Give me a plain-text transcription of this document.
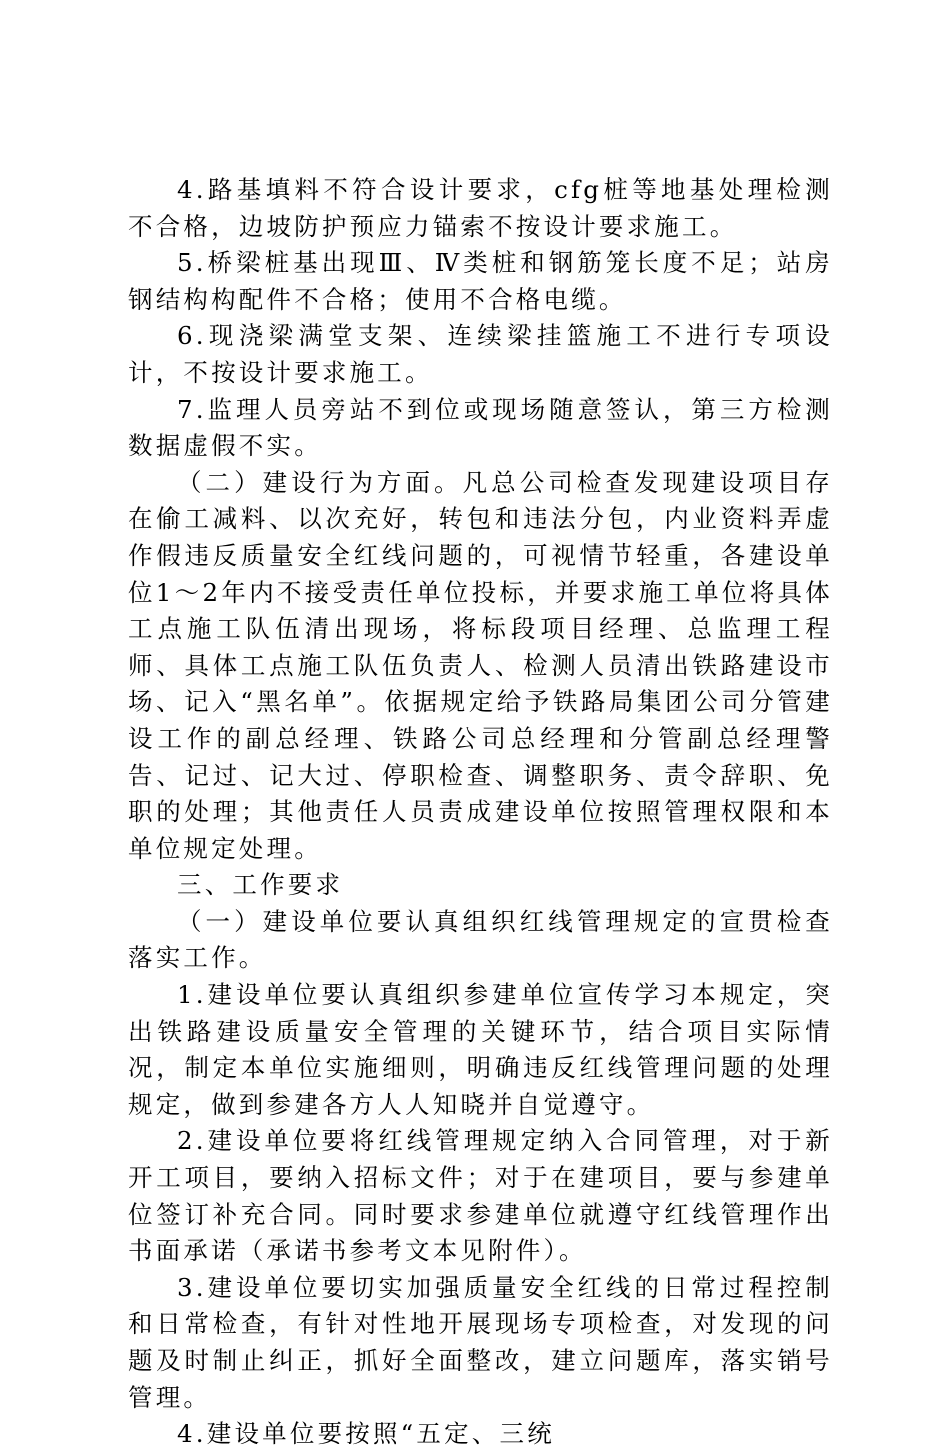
4.路基填料不符合设计要求，cfg桩等地基处理检测不合格，边坡防护预应力锚索不按设计要求施工。

5.桥梁桩基出现Ⅲ、Ⅳ类桩和钢筋笼长度不足；站房钢结构构配件不合格；使用不合格电缆。

6.现浇梁满堂支架、连续梁挂篮施工不进行专项设计，不按设计要求施工。

7.监理人员旁站不到位或现场随意签认，第三方检测数据虚假不实。

（二）建设行为方面。凡总公司检查发现建设项目存在偷工减料、以次充好，转包和违法分包，内业资料弄虚作假违反质量安全红线问题的，可视情节轻重，各建设单位1～2年内不接受责任单位投标，并要求施工单位将具体工点施工队伍清出现场，将标段项目经理、总监理工程师、具体工点施工队伍负责人、检测人员清出铁路建设市场、记入“黑名单”。依据规定给予铁路局集团公司分管建设工作的副总经理、铁路公司总经理和分管副总经理警告、记过、记大过、停职检查、调整职务、责令辞职、免职的处理；其他责任人员责成建设单位按照管理权限和本单位规定处理。

三、工作要求

（一）建设单位要认真组织红线管理规定的宣贯检查落实工作。

1.建设单位要认真组织参建单位宣传学习本规定，突出铁路建设质量安全管理的关键环节，结合项目实际情况，制定本单位实施细则，明确违反红线管理问题的处理规定，做到参建各方人人知晓并自觉遵守。

2.建设单位要将红线管理规定纳入合同管理，对于新开工项目，要纳入招标文件；对于在建项目，要与参建单位签订补充合同。同时要求参建单位就遵守红线管理作出书面承诺（承诺书参考文本见附件）。

3.建设单位要切实加强质量安全红线的日常过程控制和日常检查，有针对性地开展现场专项检查，对发现的问题及时制止纠正，抓好全面整改，建立问题库，落实销号管理。

4.建设单位要按照“五定、三统
